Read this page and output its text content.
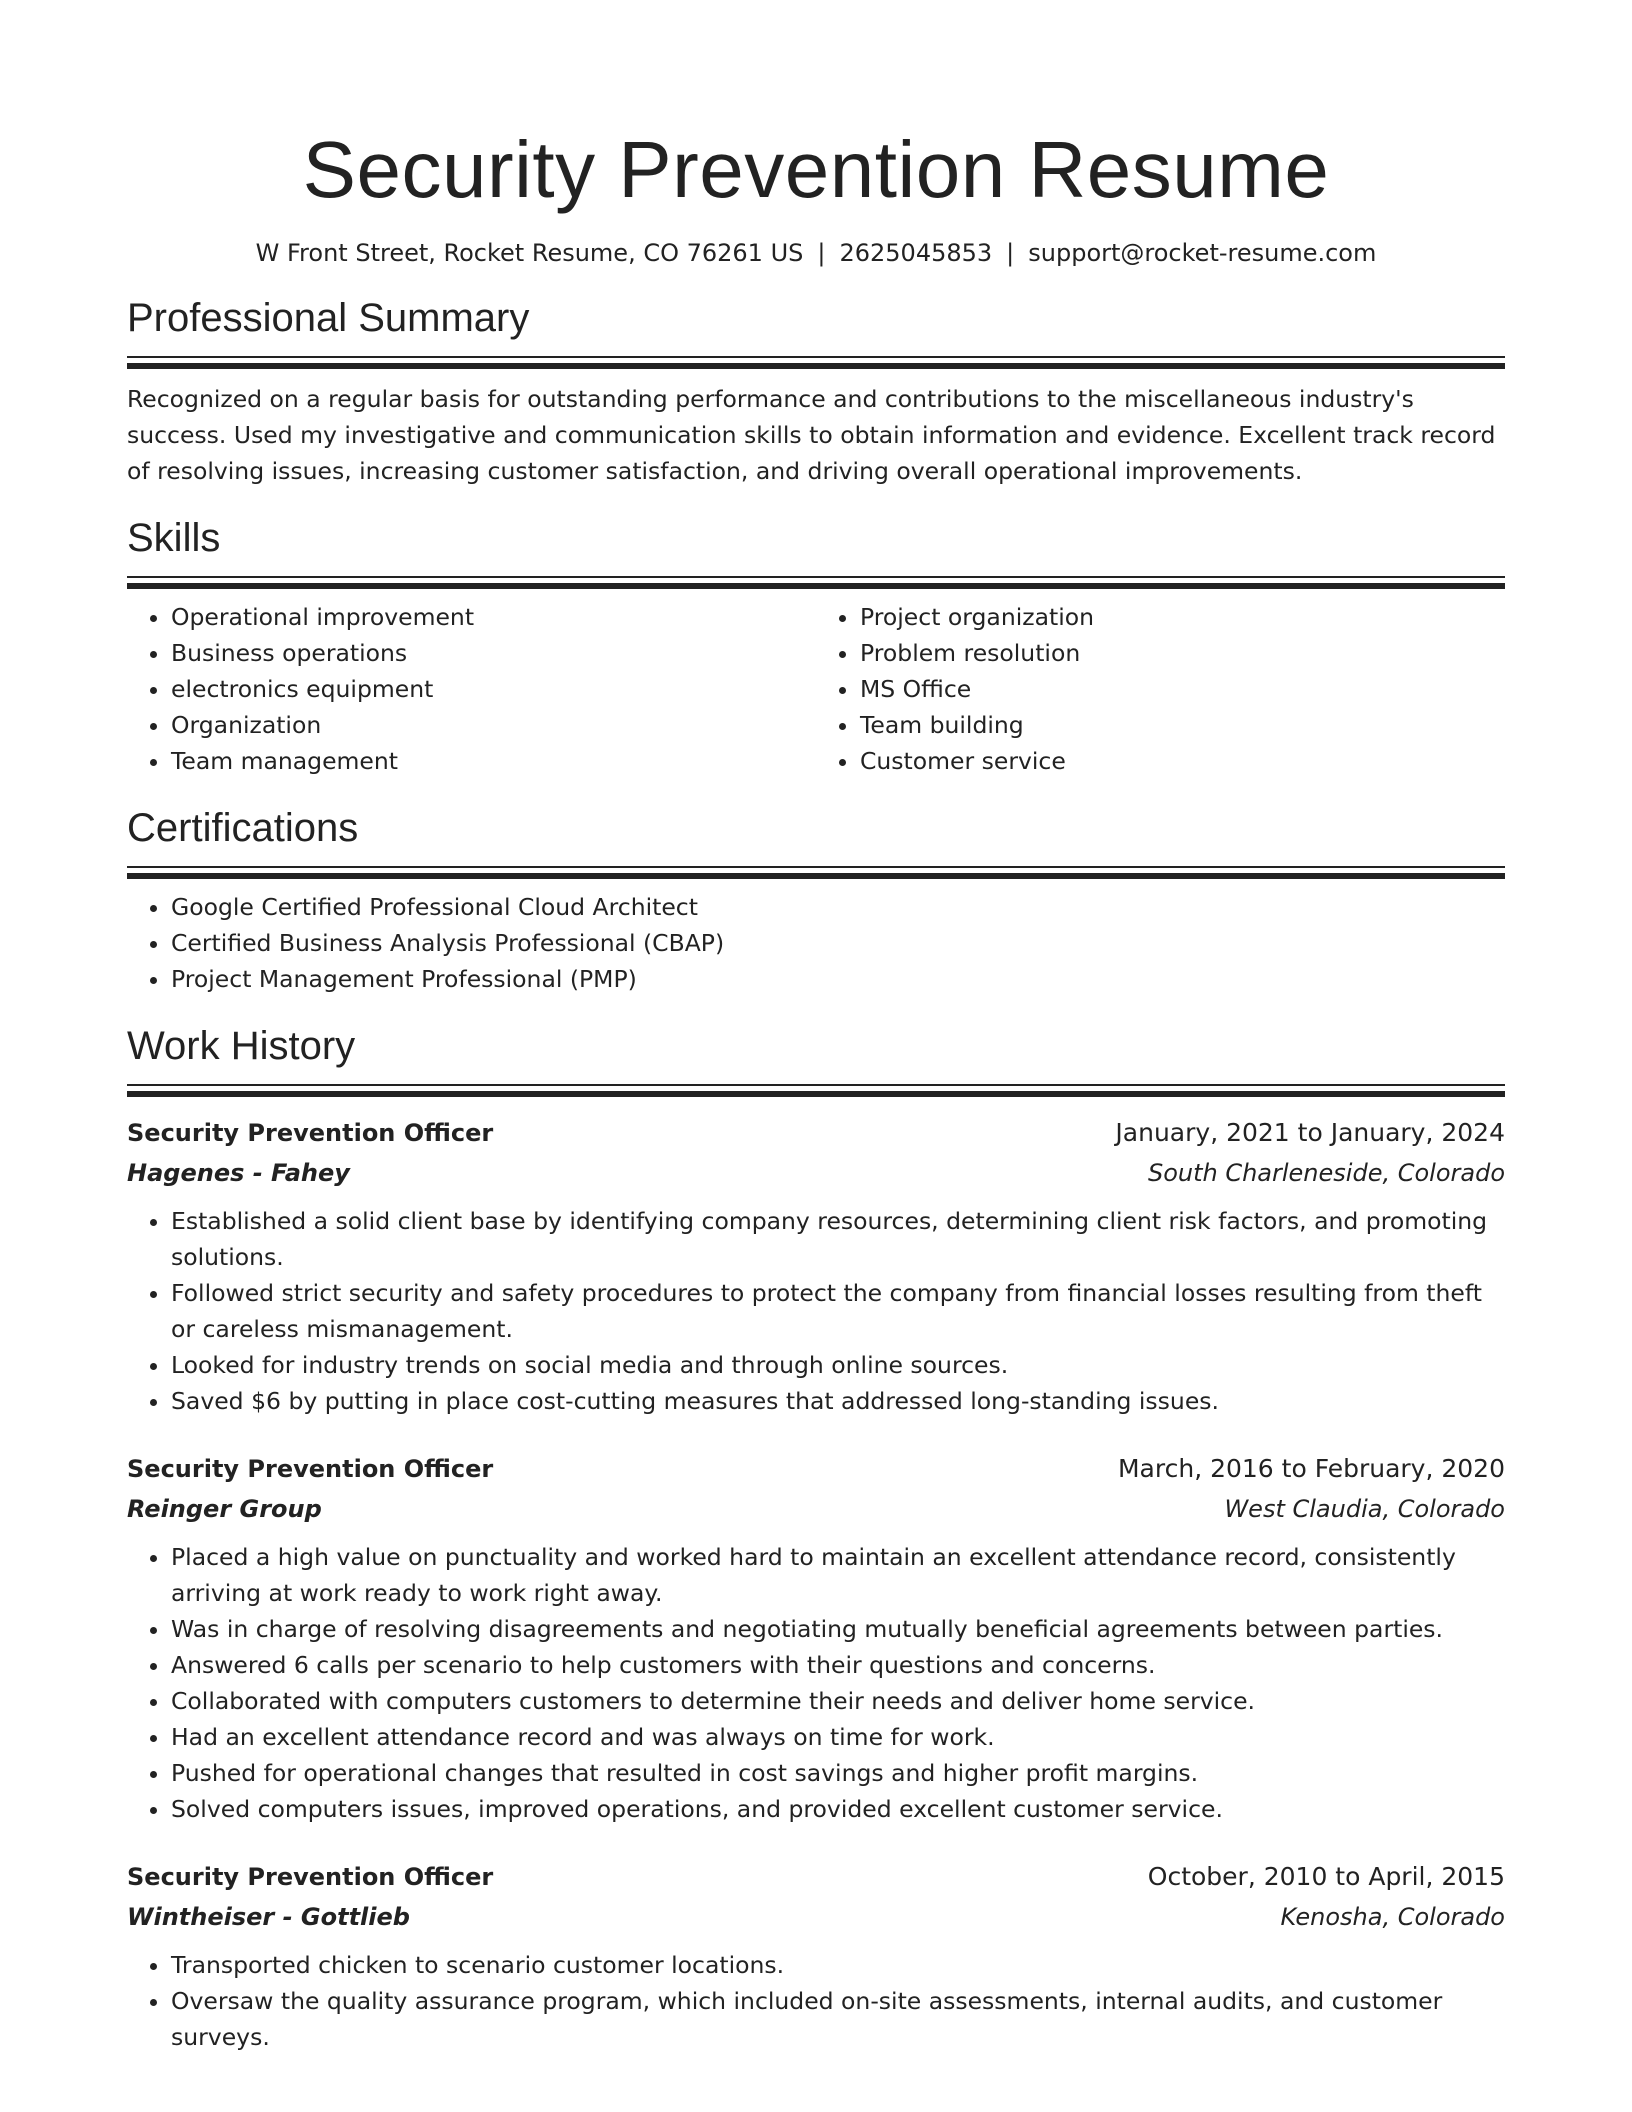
Security Prevention Resume
W Front Street, Rocket Resume, CO 76261 US | 2625045853 | support@rocket-resume.com
Professional Summary

Recognized on a regular basis for outstanding performance and contributions to the miscellaneous industry's success. Used my investigative and communication skills to obtain information and evidence. Excellent track record of resolving issues, increasing customer satisfaction, and driving overall operational improvements.

Skills
• Operational improvement
• Business operations
• electronics equipment
• Organization
• Team management
• Project organization
• Problem resolution
• MS Office
• Team building
• Customer service
Certifications
• Google Certified Professional Cloud Architect
• Certified Business Analysis Professional (CBAP)
• Project Management Professional (PMP)
Work History
Security Prevention Officer	January, 2021 to January, 2024
Hagenes - Fahey	South Charleneside, Colorado
• Established a solid client base by identifying company resources, determining client risk factors, and promoting solutions.
• Followed strict security and safety procedures to protect the company from financial losses resulting from theft or careless mismanagement.
• Looked for industry trends on social media and through online sources.
• Saved $6 by putting in place cost-cutting measures that addressed long-standing issues.
Security Prevention Officer	March, 2016 to February, 2020
Reinger Group	West Claudia, Colorado
• Placed a high value on punctuality and worked hard to maintain an excellent attendance record, consistently arriving at work ready to work right away.
• Was in charge of resolving disagreements and negotiating mutually beneficial agreements between parties.
• Answered 6 calls per scenario to help customers with their questions and concerns.
• Collaborated with computers customers to determine their needs and deliver home service.
• Had an excellent attendance record and was always on time for work.
• Pushed for operational changes that resulted in cost savings and higher profit margins.
• Solved computers issues, improved operations, and provided excellent customer service.
Security Prevention Officer	October, 2010 to April, 2015
Wintheiser - Gottlieb	Kenosha, Colorado
• Transported chicken to scenario customer locations.
• Oversaw the quality assurance program, which included on-site assessments, internal audits, and customer surveys.
